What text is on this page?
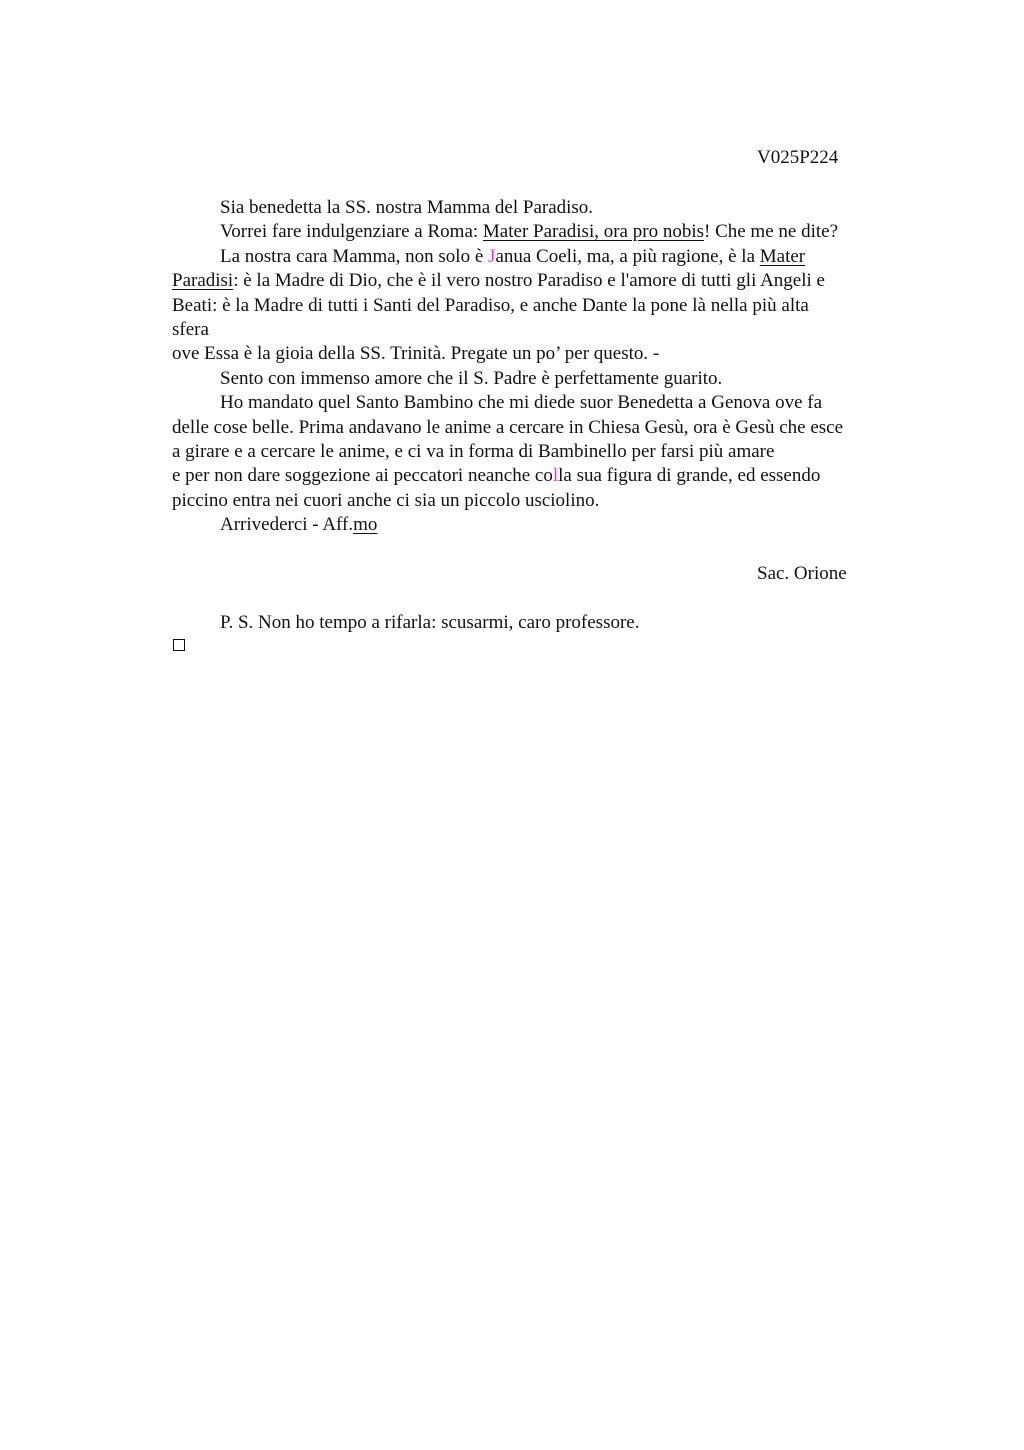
V025P224
Sia benedetta la SS. nostra Mamma del Paradiso.
Vorrei fare indulgenziare a Roma: Mater Paradisi, ora pro nobis! Che me ne dite?
La nostra cara Mamma, non solo è Janua Coeli, ma, a più ragione, è la Mater
Paradisi: è la Madre di Dio, che è il vero nostro Paradiso e l'amore di tutti gli Angeli e
Beati: è la Madre di tutti i Santi del Paradiso, e anche Dante la pone là nella più alta
sfera
ove Essa è la gioia della SS. Trinità. Pregate un po’ per questo. -
Sento con immenso amore che il S. Padre è perfettamente guarito.
Ho mandato quel Santo Bambino che mi diede suor Benedetta a Genova ove fa
delle cose belle. Prima andavano le anime a cercare in Chiesa Gesù, ora è Gesù che esce
a girare e a cercare le anime, e ci va in forma di Bambinello per farsi più amare
e per non dare soggezione ai peccatori neanche colla sua figura di grande, ed essendo
piccino entra nei cuori anche ci sia un piccolo usciolino.
Arrivederci - Aff.mo
Sac. Orione
P. S. Non ho tempo a rifarla: scusarmi, caro professore.
